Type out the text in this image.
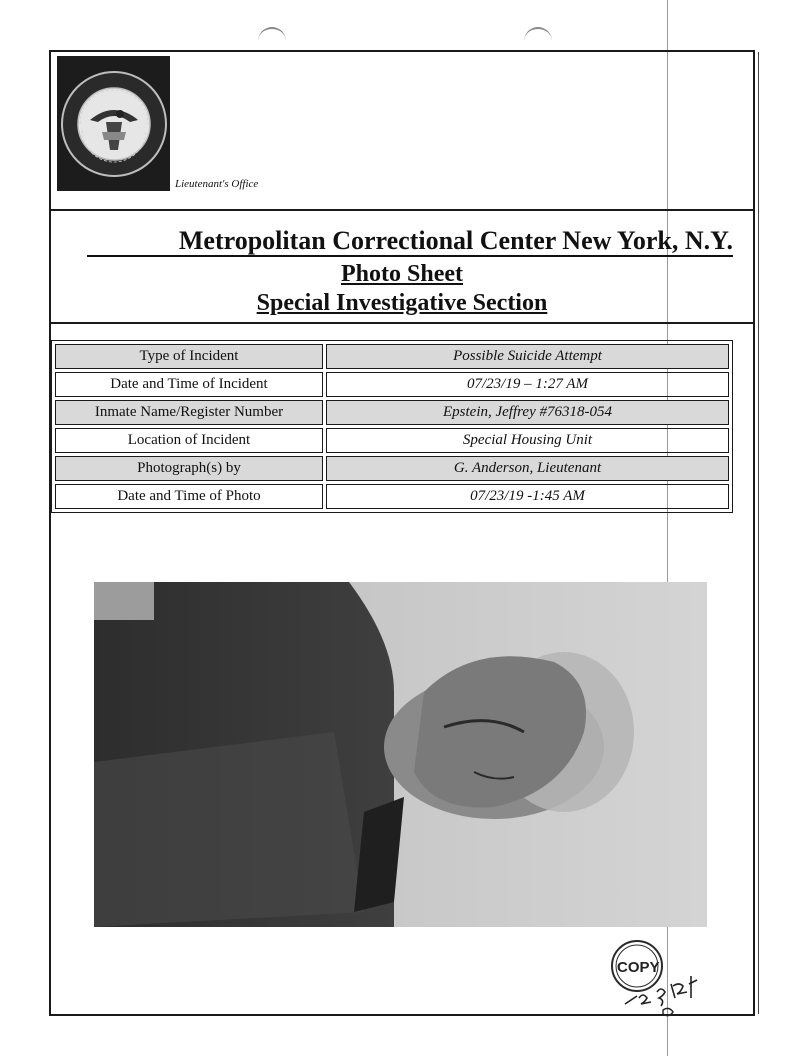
Lieutenant's Office
Metropolitan Correctional Center New York, N.Y.
Photo Sheet
Special Investigative Section
Type of Incident	Possible Suicide Attempt
Date and Time of Incident	07/23/19 – 1:27 AM
Inmate Name/Register Number	Epstein, Jeffrey #76318-054
Location of Incident	Special Housing Unit
Photograph(s) by	G. Anderson, Lieutenant
Date and Time of Photo	07/23/19 -1:45 AM
COPY
